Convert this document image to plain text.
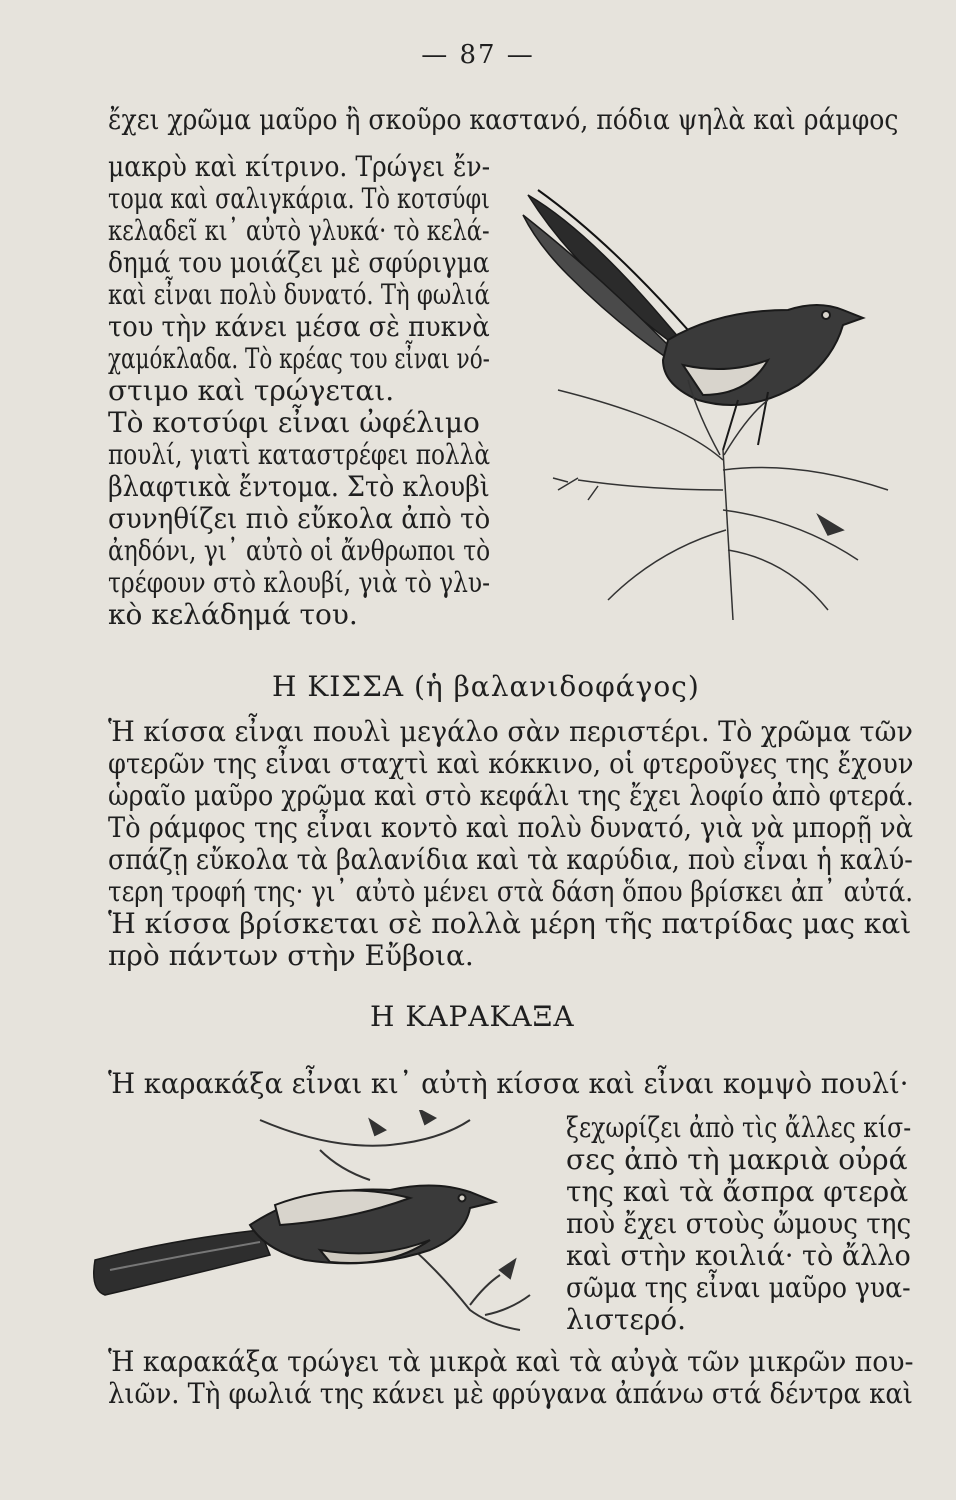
— 87 —
ἔχει χρῶμα μαῦρο ἢ σκοῦρο καστανό, πόδια ψηλὰ καὶ ράμφος
μακρὺ καὶ κίτρινο. Τρώγει ἔν-
τομα καὶ σαλιγκάρια. Τὸ κοτσύφι
κελαδεῖ κι᾽ αὐτὸ γλυκά· τὸ κελά-
δημά του μοιάζει μὲ σφύριγμα
καὶ εἶναι πολὺ δυνατό. Τὴ φωλιά
του τὴν κάνει μέσα σὲ πυκνὰ
χαμόκλαδα. Τὸ κρέας του εἶναι νό-
στιμο καὶ τρώγεται.
Τὸ κοτσύφι εἶναι ὠφέλιμο
πουλί, γιατὶ καταστρέφει πολλὰ
βλαφτικὰ ἔντομα. Στὸ κλουβὶ
συνηθίζει πιὸ εὔκολα ἀπὸ τὸ
ἀηδόνι, γι᾽ αὐτὸ οἱ ἄνθρωποι τὸ
τρέφουν στὸ κλουβί, γιὰ τὸ γλυ-
κὸ κελάδημά του.
Η ΚΙΣΣΑ (ἡ βαλανιδοφάγος)
Ἡ κίσσα εἶναι πουλὶ μεγάλο σὰν περιστέρι. Τὸ χρῶμα τῶν
φτερῶν της εἶναι σταχτὶ καὶ κόκκινο, οἱ φτεροῦγες της ἔχουν
ὡραῖο μαῦρο χρῶμα καὶ στὸ κεφάλι της ἔχει λοφίο ἀπὸ φτερά.
Τὸ ράμφος της εἶναι κοντὸ καὶ πολὺ δυνατό, γιὰ νὰ μπορῇ νὰ
σπάζῃ εὔκολα τὰ βαλανίδια καὶ τὰ καρύδια, ποὺ εἶναι ἡ καλύ-
τερη τροφή της· γι᾽ αὐτὸ μένει στὰ δάση ὅπου βρίσκει ἀπ᾽ αὐτά.
Ἡ κίσσα βρίσκεται σὲ πολλὰ μέρη τῆς πατρίδας μας καὶ
πρὸ πάντων στὴν Εὔβοια.
Η ΚΑΡΑΚΑΞΑ
Ἡ καρακάξα εἶναι κι᾽ αὐτὴ κίσσα καὶ εἶναι κομψὸ πουλί·
ξεχωρίζει ἀπὸ τὶς ἄλλες κίσ-
σες ἀπὸ τὴ μακριὰ οὐρά
της καὶ τὰ ἄσπρα φτερὰ
ποὺ ἔχει στοὺς ὤμους της
καὶ στὴν κοιλιά· τὸ ἄλλο
σῶμα της εἶναι μαῦρο γυα-
λιστερό.
Ἡ καρακάξα τρώγει τὰ μικρὰ καὶ τὰ αὐγὰ τῶν μικρῶν που-
λιῶν. Τὴ φωλιά της κάνει μὲ φρύγανα ἀπάνω στά δέντρα καὶ
